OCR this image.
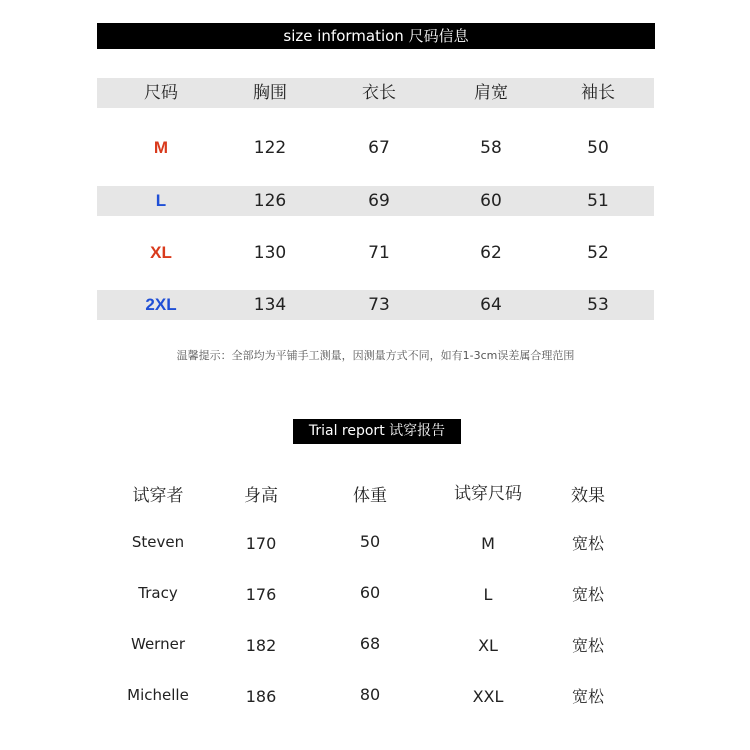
size information 尺码信息
尺码	胸围	衣长	肩宽	袖长
M	122	67	58	50
L	126	69	60	51
XL	130	71	62	52
2XL	134	73	64	53
温馨提示：全部均为平铺手工测量，因测量方式不同，如有1-3cm误差属合理范围
Trial report 试穿报告
试穿者	身高	体重	试穿尺码	效果
Steven	170	50	M	宽松
Tracy	176	60	L	宽松
Werner	182	68	XL	宽松
Michelle	186	80	XXL	宽松
